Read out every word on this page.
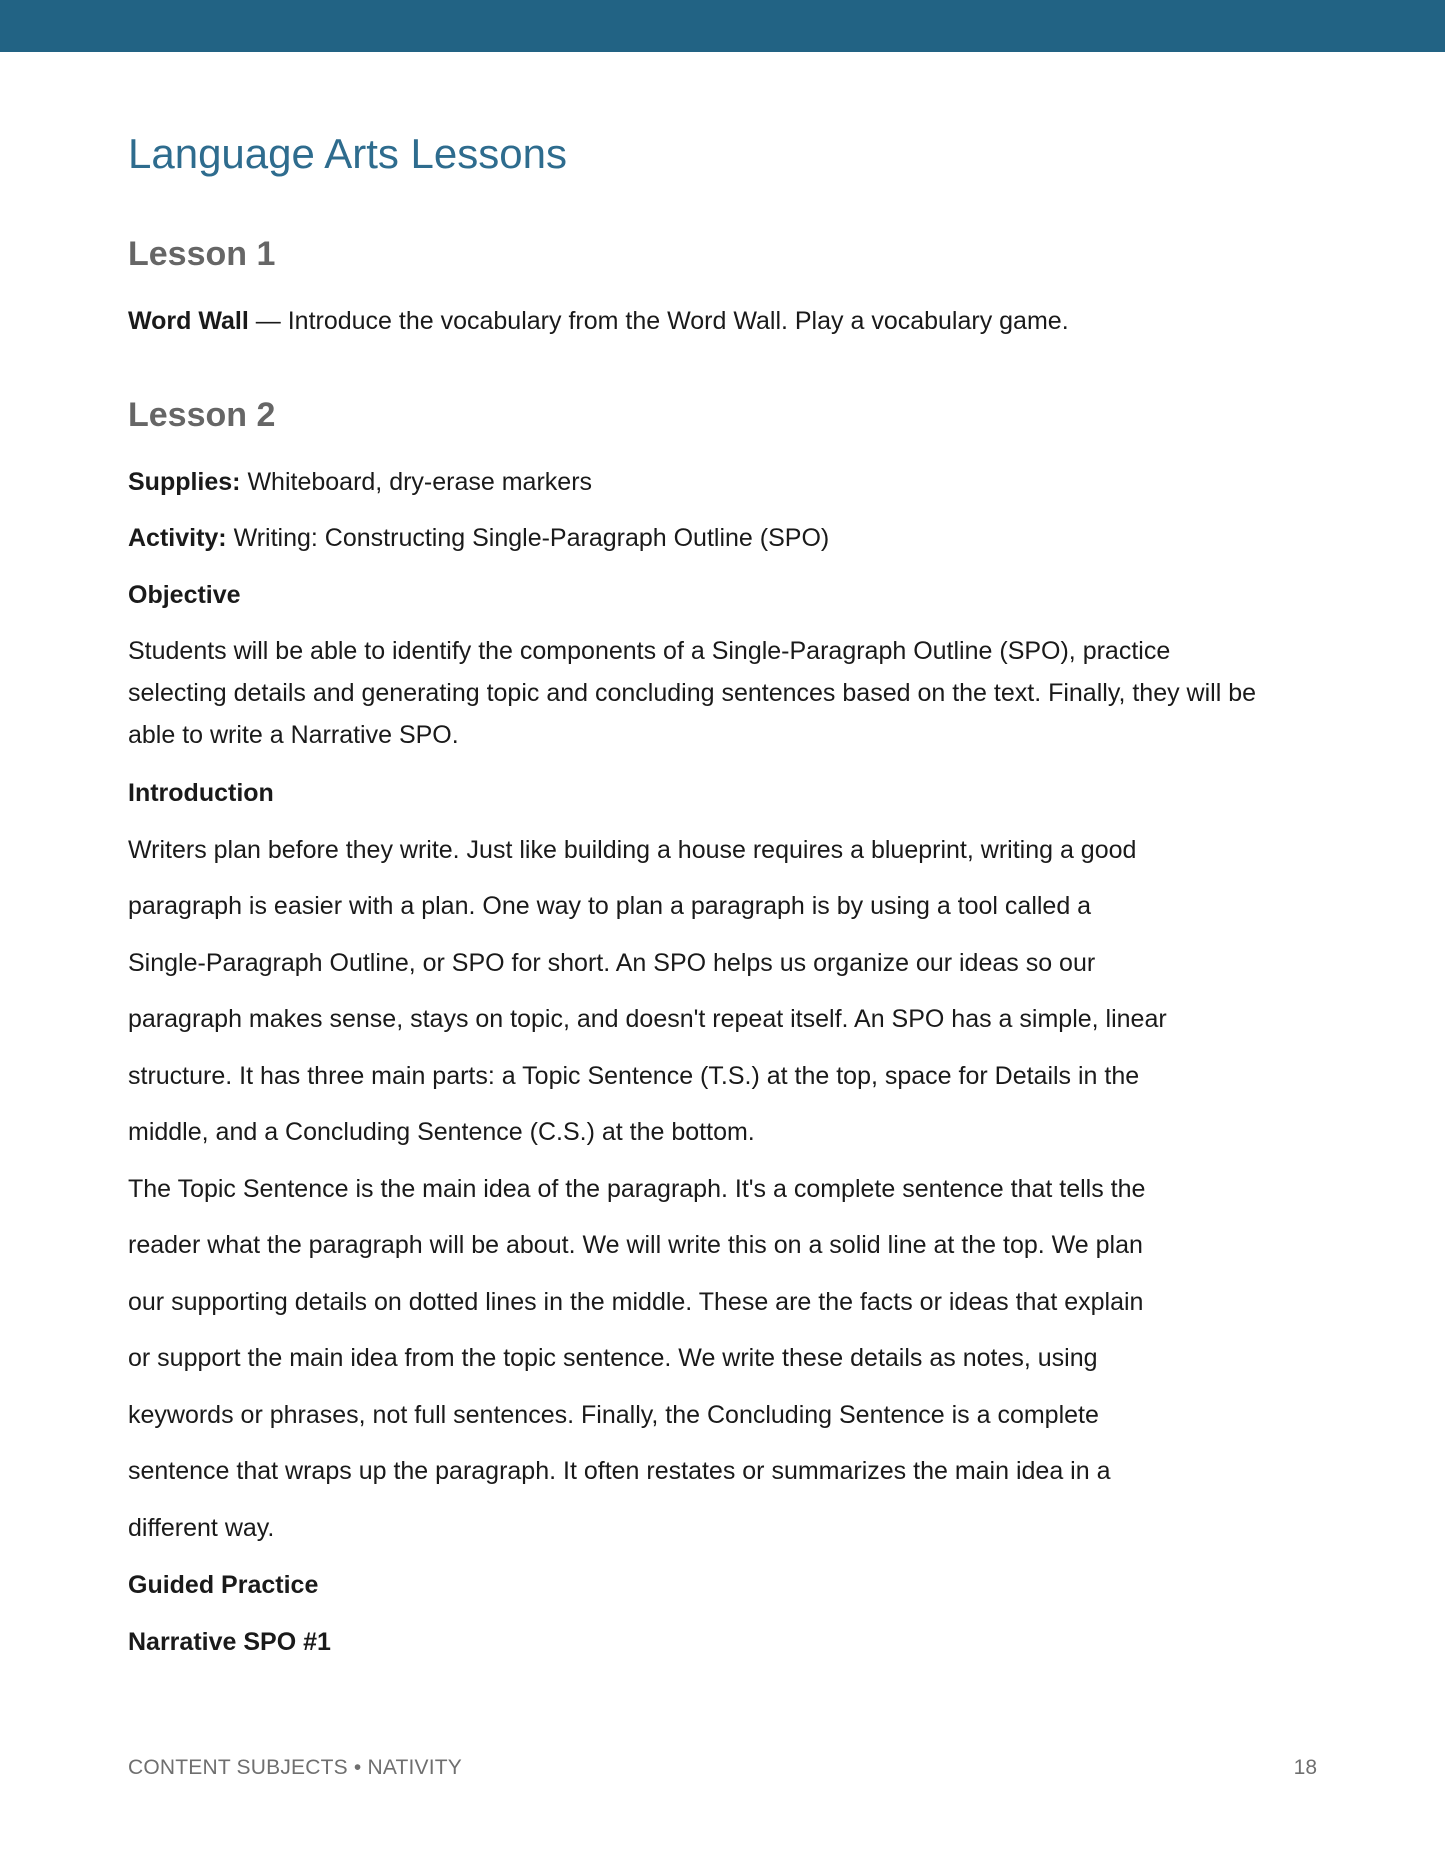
Language Arts Lessons
Lesson 1

Word Wall — Introduce the vocabulary from the Word Wall. Play a vocabulary game.

Lesson 2

Supplies: Whiteboard, dry-erase markers

Activity: Writing: Constructing Single-Paragraph Outline (SPO)

Objective

Students will be able to identify the components of a Single-Paragraph Outline (SPO), practice

selecting details and generating topic and concluding sentences based on the text. Finally, they will be

able to write a Narrative SPO.

Introduction

Writers plan before they write. Just like building a house requires a blueprint, writing a good

paragraph is easier with a plan. One way to plan a paragraph is by using a tool called a

Single-Paragraph Outline, or SPO for short. An SPO helps us organize our ideas so our

paragraph makes sense, stays on topic, and doesn't repeat itself. An SPO has a simple, linear

structure. It has three main parts: a Topic Sentence (T.S.) at the top, space for Details in the

middle, and a Concluding Sentence (C.S.) at the bottom.

The Topic Sentence is the main idea of the paragraph. It's a complete sentence that tells the

reader what the paragraph will be about. We will write this on a solid line at the top. We plan

our supporting details on dotted lines in the middle. These are the facts or ideas that explain

or support the main idea from the topic sentence. We write these details as notes, using

keywords or phrases, not full sentences. Finally, the Concluding Sentence is a complete

sentence that wraps up the paragraph. It often restates or summarizes the main idea in a

different way.

Guided Practice

Narrative SPO #1

CONTENT SUBJECTS • NATIVITY	18
